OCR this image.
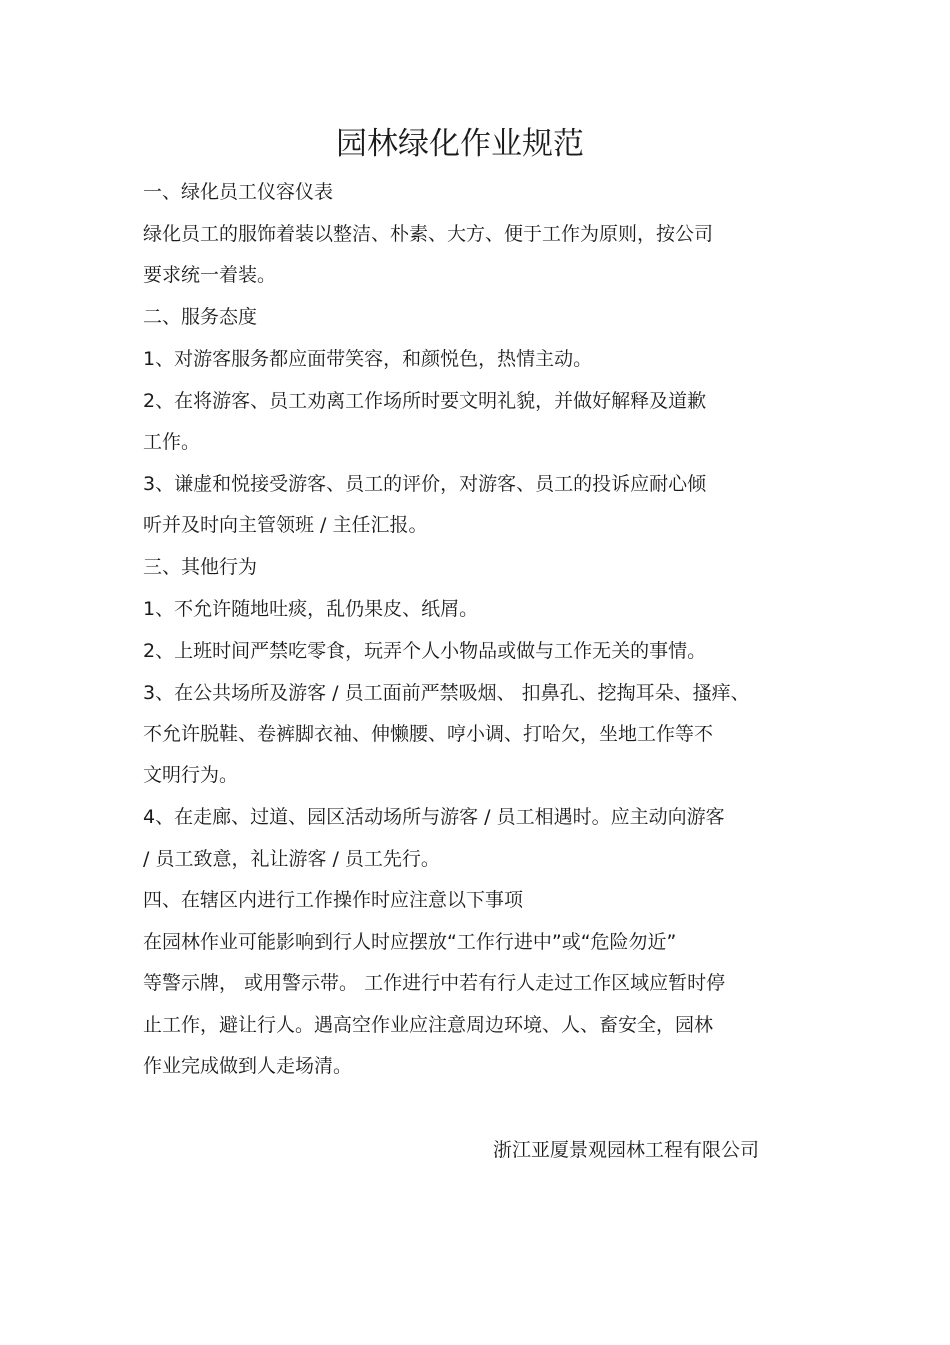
园林绿化作业规范

一、绿化员工仪容仪表

绿化员工的服饰着装以整洁、朴素、大方、便于工作为原则，按公司

要求统一着装。

二、服务态度

1、对游客服务都应面带笑容，和颜悦色，热情主动。

2、在将游客、员工劝离工作场所时要文明礼貌，并做好解释及道歉

工作。

3、谦虚和悦接受游客、员工的评价，对游客、员工的投诉应耐心倾

听并及时向主管领班 / 主任汇报。

三、其他行为

1、不允许随地吐痰，乱仍果皮、纸屑。

2、上班时间严禁吃零食，玩弄个人小物品或做与工作无关的事情。

3、在公共场所及游客 / 员工面前严禁吸烟、 扣鼻孔、挖掏耳朵、搔痒、

不允许脱鞋、卷裤脚衣袖、伸懒腰、哼小调、打哈欠，坐地工作等不

文明行为。

4、在走廊、过道、园区活动场所与游客 / 员工相遇时。应主动向游客

/ 员工致意，礼让游客 / 员工先行。

四、在辖区内进行工作操作时应注意以下事项

在园林作业可能影响到行人时应摆放“工作行进中”或“危险勿近”

等警示牌， 或用警示带。 工作进行中若有行人走过工作区域应暂时停

止工作，避让行人。遇高空作业应注意周边环境、人、畜安全，园林

作业完成做到人走场清。

浙江亚厦景观园林工程有限公司
